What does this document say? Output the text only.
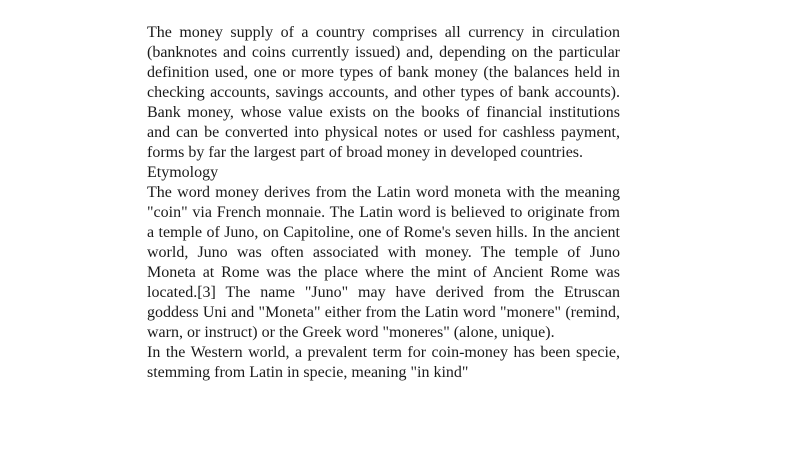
The money supply of a country comprises all currency in circulation (banknotes and coins currently issued) and, depending on the particular definition used, one or more types of bank money (the balances held in checking accounts, savings accounts, and other types of bank accounts). Bank money, whose value exists on the books of financial institutions and can be converted into physical notes or used for cashless payment, forms by far the largest part of broad money in developed countries.

Etymology

The word money derives from the Latin word moneta with the meaning "coin" via French monnaie. The Latin word is believed to originate from a temple of Juno, on Capitoline, one of Rome's seven hills. In the ancient world, Juno was often associated with money. The temple of Juno Moneta at Rome was the place where the mint of Ancient Rome was located.[3] The name "Juno" may have derived from the Etruscan goddess Uni and "Moneta" either from the Latin word "monere" (remind, warn, or instruct) or the Greek word "moneres" (alone, unique).

In the Western world, a prevalent term for coin-money has been specie, stemming from Latin in specie, meaning "in kind"
